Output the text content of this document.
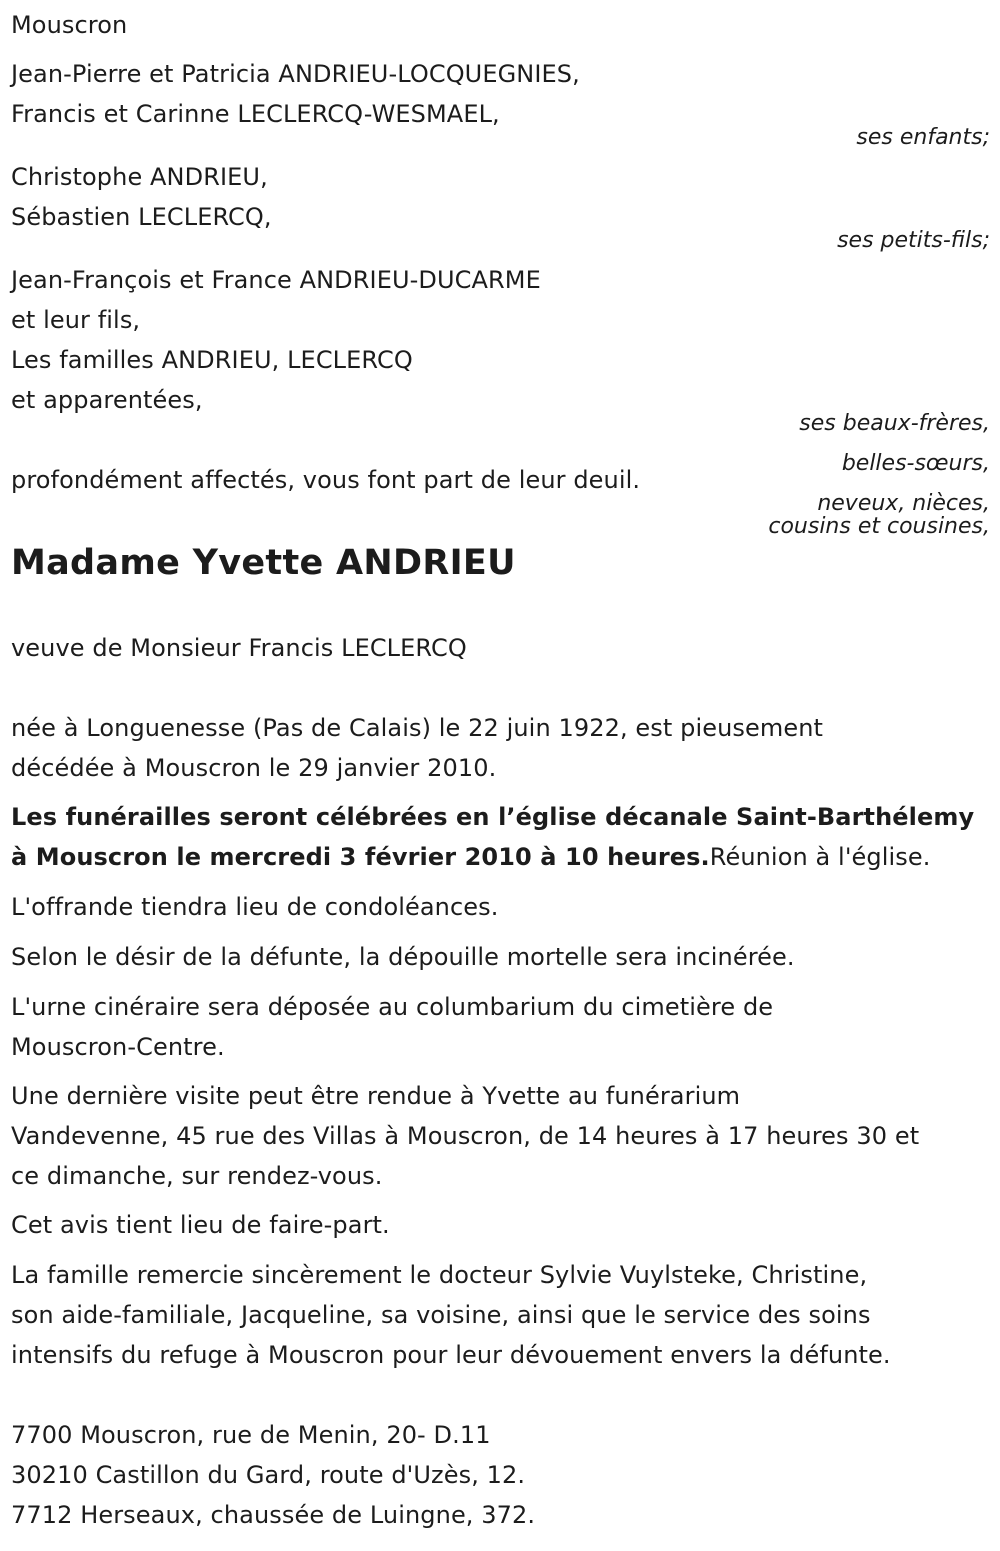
Mouscron
Jean-Pierre et Patricia ANDRIEU-LOCQUEGNIES,
Francis et Carinne LECLERCQ-WESMAEL,
ses enfants;
Christophe ANDRIEU,
Sébastien LECLERCQ,
ses petits-fils;
Jean-François et France ANDRIEU-DUCARME
et leur fils,
Les familles ANDRIEU, LECLERCQ
et apparentées,
ses beaux-frères,
belles-sœurs,
neveux, nièces,
cousins et cousines,
profondément affectés, vous font part de leur deuil.
Madame Yvette ANDRIEU
veuve de Monsieur Francis LECLERCQ
née à Longuenesse (Pas de Calais) le 22 juin 1922, est pieusement
décédée à Mouscron le 29 janvier 2010.
Les funérailles seront célébrées en l’église décanale Saint-Barthélemy
à Mouscron le mercredi 3 février 2010 à 10 heures.Réunion à l'église.
L'offrande tiendra lieu de condoléances.
Selon le désir de la défunte, la dépouille mortelle sera incinérée.
L'urne cinéraire sera déposée au columbarium du cimetière de
Mouscron-Centre.
Une dernière visite peut être rendue à Yvette au funérarium
Vandevenne, 45 rue des Villas à Mouscron, de 14 heures à 17 heures 30 et
ce dimanche, sur rendez-vous.
Cet avis tient lieu de faire-part.
La famille remercie sincèrement le docteur Sylvie Vuylsteke, Christine,
son aide-familiale, Jacqueline, sa voisine, ainsi que le service des soins
intensifs du refuge à Mouscron pour leur dévouement envers la défunte.
7700 Mouscron, rue de Menin, 20- D.11
30210 Castillon du Gard, route d'Uzès, 12.
7712 Herseaux, chaussée de Luingne, 372.
